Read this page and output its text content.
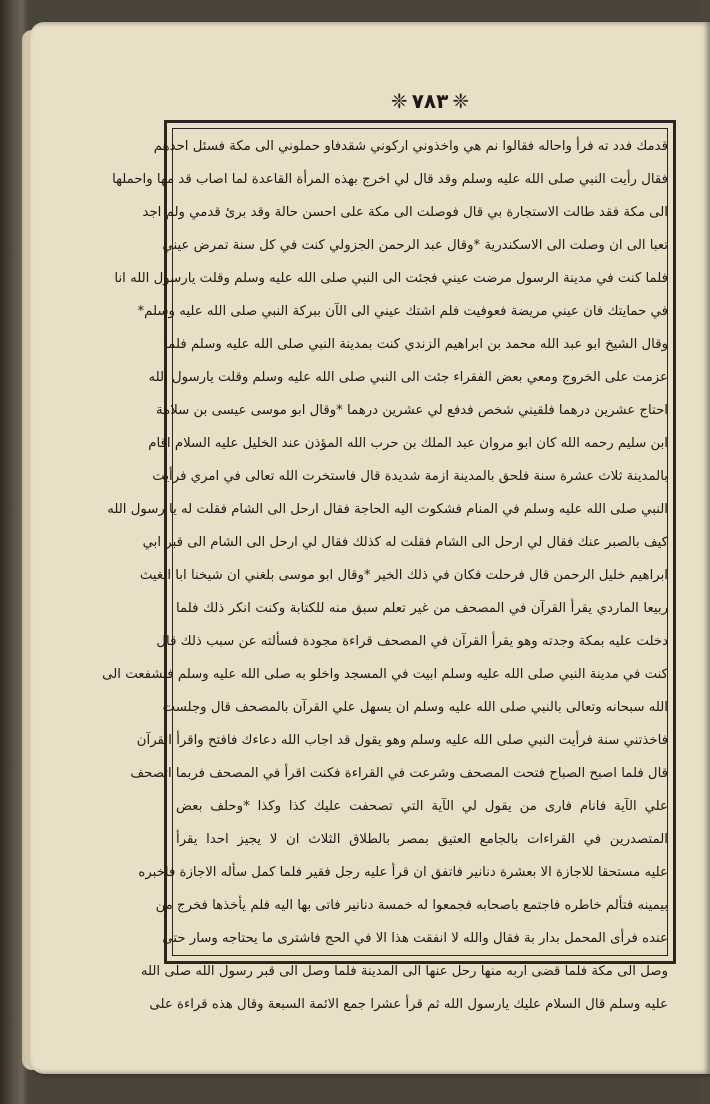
❈ ٧٨٣ ❈
قدمك فدد ته فرأ واحاله فقالوا نم هي واخذوني اركوني شقدفاو حملوني الى مكة فسئل احدهم
فقال رأيت النبي صلى الله عليه وسلم وقد قال لي اخرج بهذه المرأة القاعدة لما اصاب قد مها واحملها
الى مكة فقد طالت الاستجارة بي قال فوصلت الى مكة على احسن حالة وقد برئ قدمي ولم اجد
تعبا الى ان وصلت الى الاسكندرية *وقال عبد الرحمن الجزولي كنت في كل سنة تمرض عيني
فلما كنت في مدينة الرسول مرضت عيني فجئت الى النبي صلى الله عليه وسلم وقلت يارسول الله انا
في حمايتك فان عيني مريضة فعوفيت فلم اشتك عيني الى الآن ببركة النبي صلى الله عليه وسلم*
وقال الشيخ ابو عبد الله محمد بن ابراهيم الزندي كنت بمدينة النبي صلى الله عليه وسلم فلما
عزمت على الخروج ومعي بعض الفقراء جئت الى النبي صلى الله عليه وسلم وقلت يارسول الله
احتاج عشرين درهما فلقيني شخص فدفع لي عشرين درهما *وقال ابو موسى عيسى بن سلامة
ابن سليم رحمه الله كان ابو مروان عبد الملك بن حرب الله المؤذن عند الخليل عليه السلام اقام
بالمدينة ثلاث عشرة سنة فلحق بالمدينة ازمة شديدة قال فاستخرت الله تعالى في امري فرأيت
النبي صلى الله عليه وسلم في المنام فشكوت اليه الحاجة فقال ارحل الى الشام فقلت له يا رسول الله
كيف بالصبر عنك فقال لي ارحل الى الشام فقلت له كذلك فقال لي ارحل الى الشام الى قبر ابي
ابراهيم خليل الرحمن قال فرحلت فكان في ذلك الخير *وقال ابو موسى بلغني ان شيخنا ابا الغيث
ربيعا الماردي يقرأ القرآن في المصحف من غير تعلم سبق منه للكتابة وكنت انكر ذلك فلما
دخلت عليه بمكة وجدته وهو يقرأ القرآن في المصحف قراءة مجودة فسألته عن سبب ذلك قال
كنت في مدينة النبي صلى الله عليه وسلم ابيت في المسجد واخلو به صلى الله عليه وسلم فتشفعت الى
الله سبحانه وتعالى بالنبي صلى الله عليه وسلم ان يسهل علي القرآن بالمصحف قال وجلست
فاخذتني سنة فرأيت النبي صلى الله عليه وسلم وهو يقول قد اجاب الله دعاءك فافتح واقرأ القرآن
قال فلما اصبح الصباح فتحت المصحف وشرعت في القراءة فكنت اقرأ في المصحف فربما اتصحف
علي الآية فانام فارى من يقول لي الآية التي تصحفت عليك كذا وكذا *وحلف بعض
المتصدرين في القراءات بالجامع العتيق بمصر بالطلاق الثلاث ان لا يجيز احدا يقرأ
عليه مستحقا للاجازة الا بعشرة دنانير فاتفق ان قرأ عليه رجل فقير فلما كمل سأله الاجازة فاخبره
بيمينه فتألم خاطره فاجتمع باصحابه فجمعوا له خمسة دنانير فاتى بها اليه فلم يأخذها فخرج من
عنده فرأى المحمل بدار بة فقال والله لا انفقت هذا الا في الحج فاشترى ما يحتاجه وسار حتى
وصل الى مكة فلما قضى اربه منها رحل عنها الى المدينة فلما وصل الى قبر رسول الله صلى الله
عليه وسلم قال السلام عليك يارسول الله ثم قرأ عشرا جمع الائمة السبعة وقال هذه قراءة على
